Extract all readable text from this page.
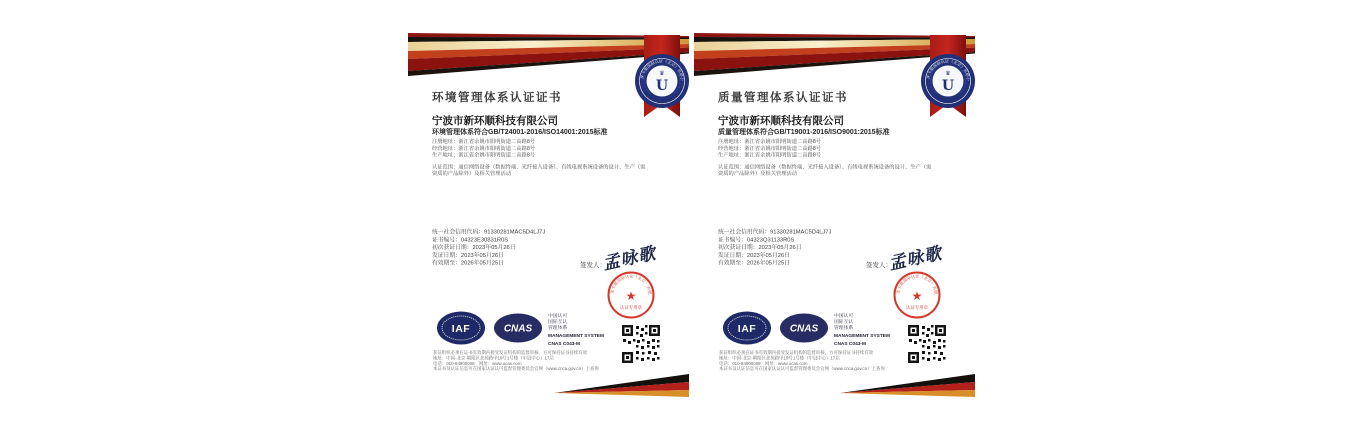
环境管理体系认证证书
宁波市新环顺科技有限公司
环境管理体系符合GB/T24001-2016/ISO14001:2015标准
注册地址：浙江省余姚市阳明街道二高路8号
经营地址：浙江省余姚市阳明街道二高路8号
生产地址：浙江省余姚市阳明街道二高路8号
认证范围：通信网络设备（数据终端、光纤接入设备）、有线电视系统设备的设计、生产（需
资质的产品除外）及相关管理活动
统一社会信用代码：91330281MAC5D4LJ7J
证书编号：04323E30831R0S
初次获证日期：2023年05月26日
发证日期：2023年05月26日
有效期至：2026年05月25日	签发人：
孟咏歌
中国认可
国际互认
管理体系
MANAGEMENT SYSTEM
CNAS C043-M
获证组织必须在证书有效期内接受发证机构的监督审核，方可保持证书持续有效
地址：中国·北京·朝阳区北苑路甲19号1号楼（中冠中心）17层
电话：010-84900008　网址：www.ucas.com
本证书及认证信息可在国家认证认可监督管理委员会官网（www.cnca.gov.cn）上查询
质量管理体系认证证书
宁波市新环顺科技有限公司
质量管理体系符合GB/T19001-2016/ISO9001:2015标准
注册地址：浙江省余姚市阳明街道二高路8号
经营地址：浙江省余姚市阳明街道二高路8号
生产地址：浙江省余姚市阳明街道二高路8号
认证范围：通信网络设备（数据终端、光纤接入设备）、有线电视系统设备的设计、生产（需
资质的产品除外）及相关管理活动
统一社会信用代码：91330281MAC5D4LJ7J
证书编号：04323Q31133R0S
初次获证日期：2023年05月26日
发证日期：2023年05月26日
有效期至：2026年05月25日	签发人：
孟咏歌
中国认可
国际互认
管理体系
MANAGEMENT SYSTEM
CNAS C043-M
获证组织必须在证书有效期内接受发证机构的监督审核，方可保持证书持续有效
地址：中国·北京·朝阳区北苑路甲19号1号楼（中冠中心）17层
电话：010-84900008　网址：www.ucas.com
本证书及认证信息可在国家认证认可监督管理委员会官网（www.cnca.gov.cn）上查询
